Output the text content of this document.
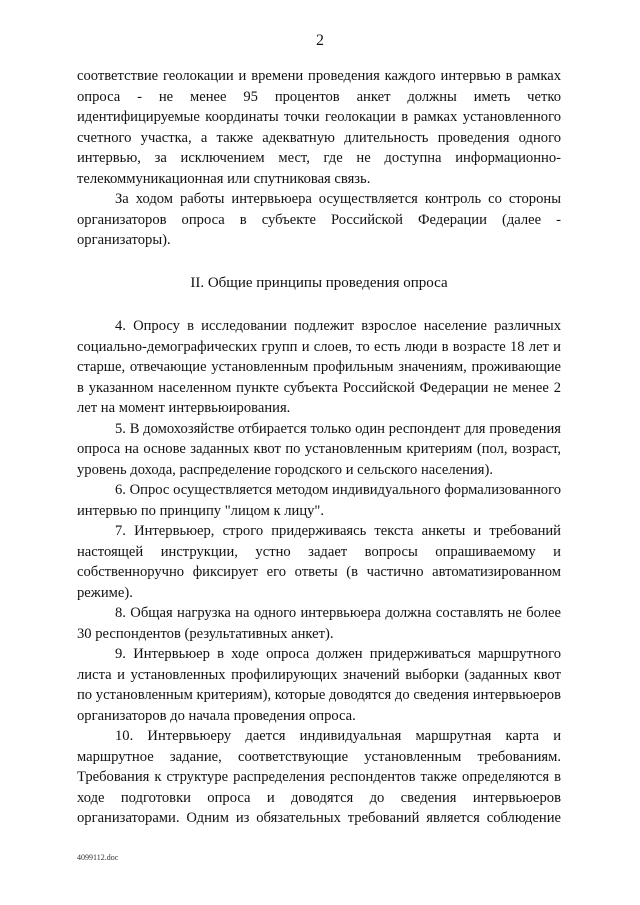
2

соответствие геолокации и времени проведения каждого интервью в рамках опроса - не менее 95 процентов анкет должны иметь четко идентифицируемые координаты точки геолокации в рамках установленного счетного участка, а также адекватную длительность проведения одного интервью, за исключением мест, где не доступна информационно-телекоммуникационная или спутниковая связь.

За ходом работы интервьюера осуществляется контроль со стороны организаторов опроса в субъекте Российской Федерации (далее - организаторы).

II. Общие принципы проведения опроса

4. Опросу в исследовании подлежит взрослое население различных социально-демографических групп и слоев, то есть люди в возрасте 18 лет и старше, отвечающие установленным профильным значениям, проживающие в указанном населенном пункте субъекта Российской Федерации не менее 2 лет на момент интервьюирования.

5. В домохозяйстве отбирается только один респондент для проведения опроса на основе заданных квот по установленным критериям (пол, возраст, уровень дохода, распределение городского и сельского населения).

6. Опрос осуществляется методом индивидуального формализованного интервью по принципу "лицом к лицу".

7. Интервьюер, строго придерживаясь текста анкеты и требований настоящей инструкции, устно задает вопросы опрашиваемому и собственноручно фиксирует его ответы (в частично автоматизированном режиме).

8. Общая нагрузка на одного интервьюера должна составлять не более 30 респондентов (результативных анкет).

9. Интервьюер в ходе опроса должен придерживаться маршрутного листа и установленных профилирующих значений выборки (заданных квот по установленным критериям), которые доводятся до сведения интервьюеров организаторов до начала проведения опроса.

10. Интервьюеру дается индивидуальная маршрутная карта и маршрутное задание, соответствующие установленным требованиям. Требования к структуре распределения респондентов также определяются в ходе подготовки опроса и доводятся до сведения интервьюеров организаторами. Одним из обязательных требований является соблюдение

4099112.doc
